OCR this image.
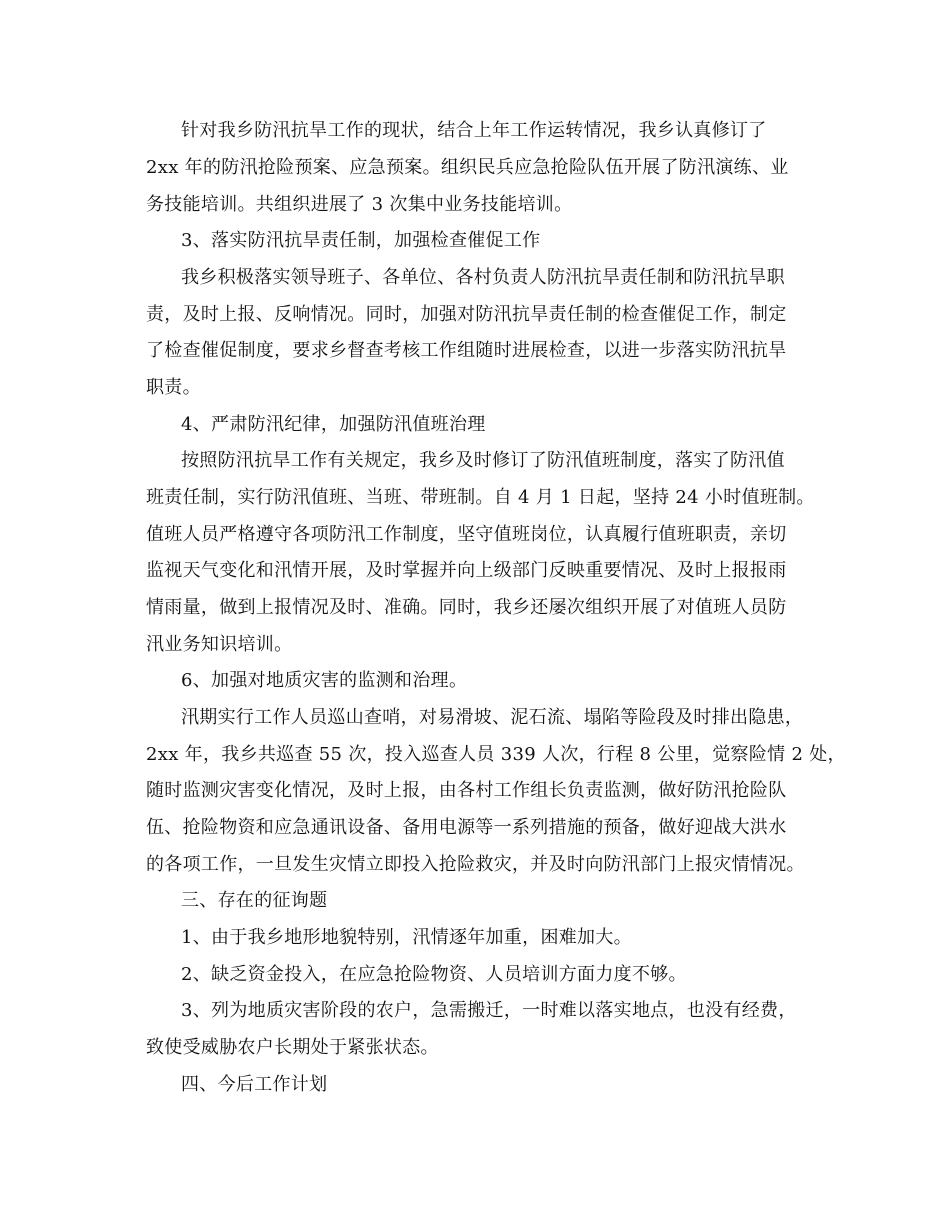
针对我乡防汛抗旱工作的现状，结合上年工作运转情况，我乡认真修订了
2xx 年的防汛抢险预案、应急预案。组织民兵应急抢险队伍开展了防汛演练、业
务技能培训。共组织进展了 3 次集中业务技能培训。
3、落实防汛抗旱责任制，加强检查催促工作
我乡积极落实领导班子、各单位、各村负责人防汛抗旱责任制和防汛抗旱职
责，及时上报、反响情况。同时，加强对防汛抗旱责任制的检查催促工作，制定
了检查催促制度，要求乡督查考核工作组随时进展检查，以进一步落实防汛抗旱
职责。
4、严肃防汛纪律，加强防汛值班治理
按照防汛抗旱工作有关规定，我乡及时修订了防汛值班制度，落实了防汛值
班责任制，实行防汛值班、当班、带班制。自 4 月 1 日起，坚持 24 小时值班制。
值班人员严格遵守各项防汛工作制度，坚守值班岗位，认真履行值班职责，亲切
监视天气变化和汛情开展，及时掌握并向上级部门反映重要情况、及时上报报雨
情雨量，做到上报情况及时、准确。同时，我乡还屡次组织开展了对值班人员防
汛业务知识培训。
6、加强对地质灾害的监测和治理。
汛期实行工作人员巡山查哨，对易滑坡、泥石流、塌陷等险段及时排出隐患，
2xx 年，我乡共巡查 55 次，投入巡查人员 339 人次，行程 8 公里，觉察险情 2 处，
随时监测灾害变化情况，及时上报，由各村工作组长负责监测，做好防汛抢险队
伍、抢险物资和应急通讯设备、备用电源等一系列措施的预备，做好迎战大洪水
的各项工作，一旦发生灾情立即投入抢险救灾，并及时向防汛部门上报灾情情况。
三、存在的征询题
1、由于我乡地形地貌特别，汛情逐年加重，困难加大。
2、缺乏资金投入，在应急抢险物资、人员培训方面力度不够。
3、列为地质灾害阶段的农户，急需搬迁，一时难以落实地点，也没有经费，
致使受威胁农户长期处于紧张状态。
四、今后工作计划
